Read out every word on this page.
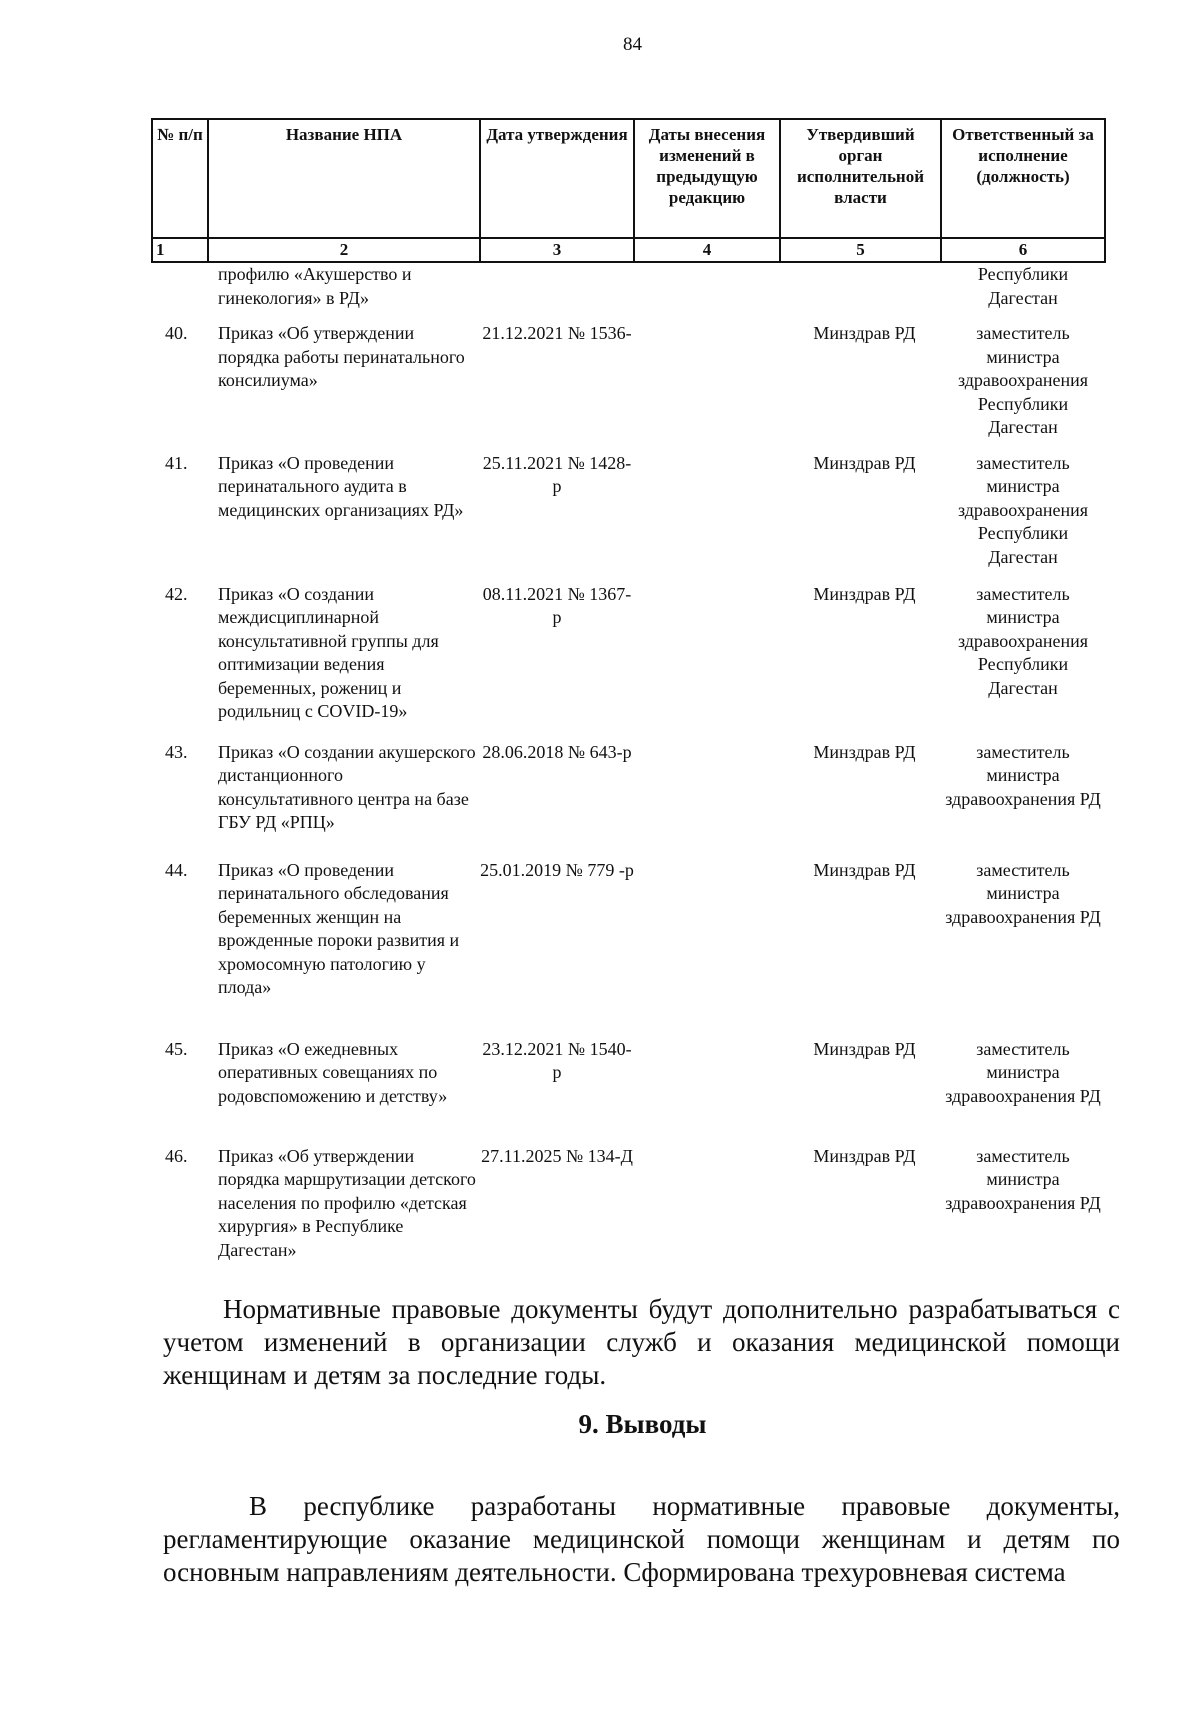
84
№ п/п	Название НПА	Дата утверждения	Даты внесения изменений в предыдущую редакцию	Утвердивший орган исполнительной власти	Ответственный за исполнение (должность)
1	2	3	4	5	6
	профилю «Акушерство и гинекология» в РД»				Республики Дагестан
40.	Приказ «Об утверждении порядка работы перинатального консилиума»	21.12.2021 № 1536-		Минздрав РД	заместитель министра здравоохранения Республики Дагестан
41.	Приказ «О проведении перинатального аудита в медицинских организациях РД»	25.11.2021 № 1428-р		Минздрав РД	заместитель министра здравоохранения Республики Дагестан
42.	Приказ «О создании междисциплинарной консультативной группы для оптимизации ведения беременных, рожениц и родильниц с COVID-19»	08.11.2021 № 1367-р		Минздрав РД	заместитель министра здравоохранения Республики Дагестан
43.	Приказ «О создании акушерского дистанционного консультативного центра на базе ГБУ РД «РПЦ»	28.06.2018 № 643-р		Минздрав РД	заместитель министра здравоохранения РД
44.	Приказ «О проведении перинатального обследования беременных женщин на врожденные пороки развития и хромосомную патологию у плода»	25.01.2019 № 779 -р		Минздрав РД	заместитель министра здравоохранения РД
45.	Приказ «О ежедневных оперативных совещаниях по родовспоможению и детству»	23.12.2021 № 1540-р		Минздрав РД	заместитель министра здравоохранения РД
46.	Приказ «Об утверждении порядка маршрутизации детского населения по профилю «детская хирургия» в Республике Дагестан»	27.11.2025 № 134-Д		Минздрав РД	заместитель министра здравоохранения РД

Нормативные правовые документы будут дополнительно разрабатываться с учетом изменений в организации служб и оказания медицинской помощи женщинам и детям за последние годы.

9. Выводы

В республике разработаны нормативные правовые документы, регламентирующие оказание медицинской помощи женщинам и детям по основным направлениям деятельности. Сформирована трехуровневая система
